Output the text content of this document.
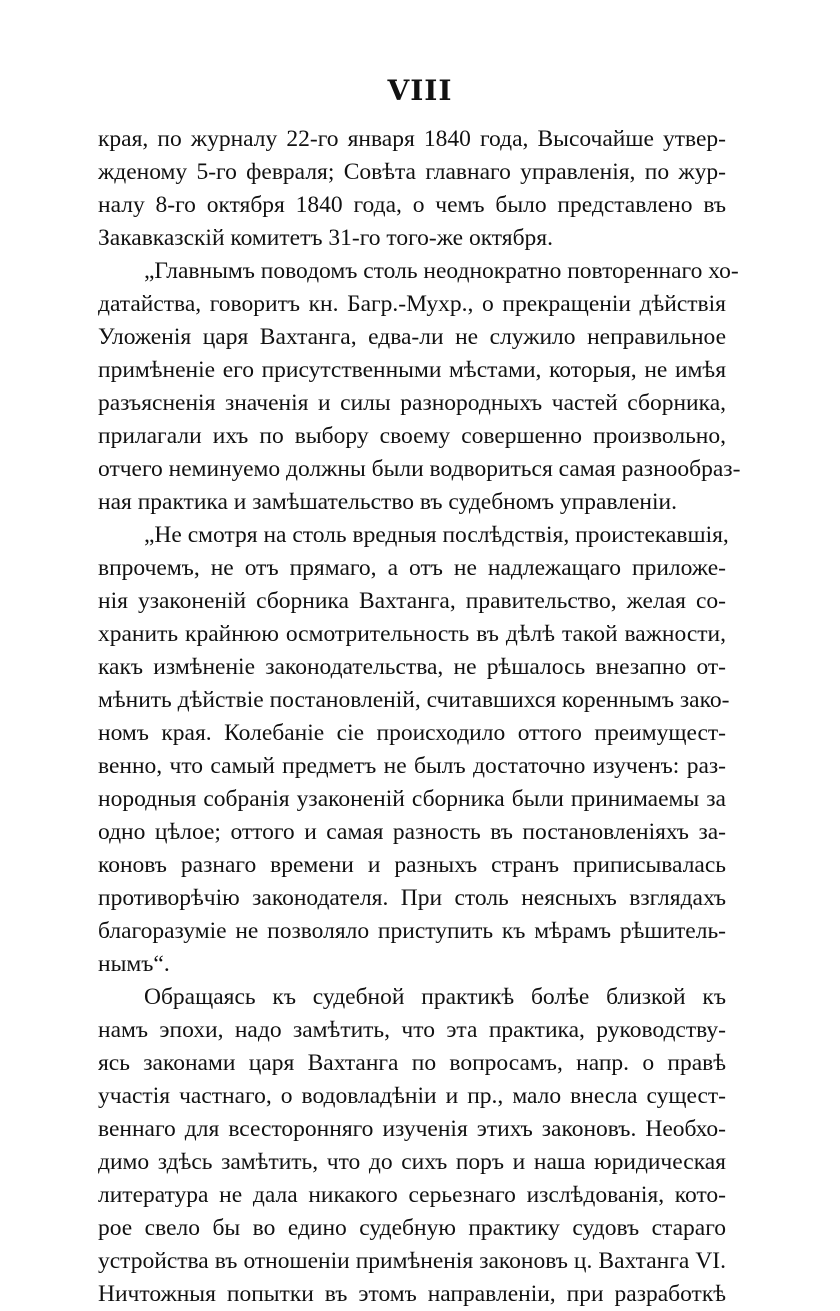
VIII

края, по журналу 22-го января 1840 года, Высочайше утвер-

жденому 5-го февраля; Совѣта главнаго управленія, по жур-

налу 8-го октября 1840 года, о чемъ было представлено въ

Закавказскій комитетъ 31-го того-же октября.

„Главнымъ поводомъ столь неоднократно повтореннаго хо-

датайства, говоритъ кн. Багр.-Мухр., о прекращеніи дѣйствія

Уложенія царя Вахтанга, едва-ли не служило неправильное

примѣненіе его присутственными мѣстами, которыя, не имѣя

разъясненія значенія и силы разнородныхъ частей сборника,

прилагали ихъ по выбору своему совершенно произвольно,

отчего неминуемо должны были водвориться самая разнообраз-

ная практика и замѣшательство въ судебномъ управленіи.

„Не смотря на столь вредныя послѣдствія, проистекавшія,

впрочемъ, не отъ прямаго, а отъ не надлежащаго приложе-

нія узаконеній сборника Вахтанга, правительство, желая со-

хранить крайнюю осмотрительность въ дѣлѣ такой важности,

какъ измѣненіе законодательства, не рѣшалось внезапно от-

мѣнить дѣйствіе постановленій, считавшихся кореннымъ зако-

номъ края. Колебаніе сіе происходило оттого преимущест-

венно, что самый предметъ не былъ достаточно изученъ: раз-

нородныя собранія узаконеній сборника были принимаемы за

одно цѣлое; оттого и самая разность въ постановленіяхъ за-

коновъ разнаго времени и разныхъ странъ приписывалась

противорѣчію законодателя. При столь неясныхъ взглядахъ

благоразуміе не позволяло приступить къ мѣрамъ рѣшитель-

нымъ“.

Обращаясь къ судебной практикѣ болѣе близкой къ

намъ эпохи, надо замѣтить, что эта практика, руководству-

ясь законами царя Вахтанга по вопросамъ, напр. о правѣ

участія частнаго, о водовладѣніи и пр., мало внесла сущест-

веннаго для всесторонняго изученія этихъ законовъ. Необхо-

димо здѣсь замѣтить, что до сихъ поръ и наша юридическая

литература не дала никакого серьезнаго изслѣдованія, кото-

рое свело бы во едино судебную практику судовъ стараго

устройства въ отношеніи примѣненія законовъ ц. Вахтанга VI.

Ничтожныя попытки въ этомъ направленіи, при разработкѣ
